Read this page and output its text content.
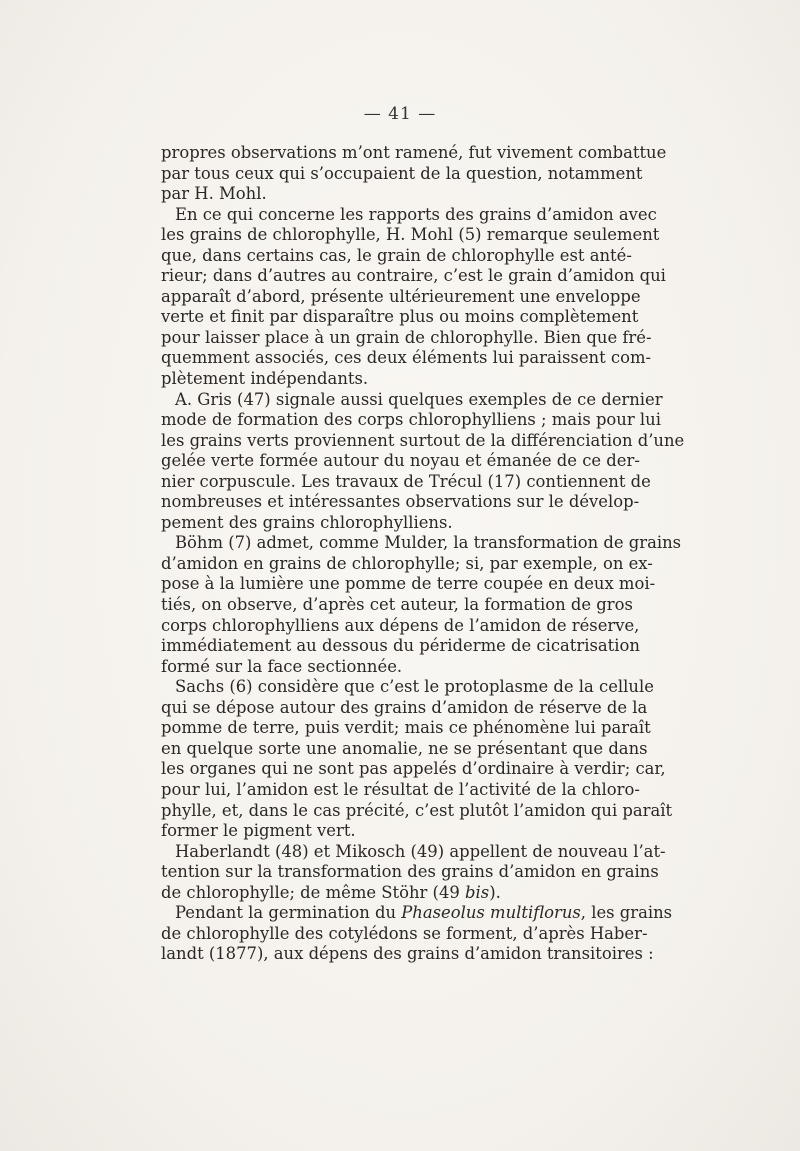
— 41 —
propres observations m’ont ramené, fut vivement combattue
par tous ceux qui s’occupaient de la question, notamment
par H. Mohl.
En ce qui concerne les rapports des grains d’amidon avec
les grains de chlorophylle, H. Mohl (5) remarque seulement
que, dans certains cas, le grain de chlorophylle est anté-
rieur; dans d’autres au contraire, c’est le grain d’amidon qui
apparaît d’abord, présente ultérieurement une enveloppe
verte et finit par disparaître plus ou moins complètement
pour laisser place à un grain de chlorophylle. Bien que fré-
quemment associés, ces deux éléments lui paraissent com-
plètement indépendants.
A. Gris (47) signale aussi quelques exemples de ce dernier
mode de formation des corps chlorophylliens ; mais pour lui
les grains verts proviennent surtout de la différenciation d’une
gelée verte formée autour du noyau et émanée de ce der-
nier corpuscule. Les travaux de Trécul (17) contiennent de
nombreuses et intéressantes observations sur le dévelop-
pement des grains chlorophylliens.
Böhm (7) admet, comme Mulder, la transformation de grains
d’amidon en grains de chlorophylle; si, par exemple, on ex-
pose à la lumière une pomme de terre coupée en deux moi-
tiés, on observe, d’après cet auteur, la formation de gros
corps chlorophylliens aux dépens de l’amidon de réserve,
immédiatement au dessous du périderme de cicatrisation
formé sur la face sectionnée.
Sachs (6) considère que c’est le protoplasme de la cellule
qui se dépose autour des grains d’amidon de réserve de la
pomme de terre, puis verdit; mais ce phénomène lui paraît
en quelque sorte une anomalie, ne se présentant que dans
les organes qui ne sont pas appelés d’ordinaire à verdir; car,
pour lui, l’amidon est le résultat de l’activité de la chloro-
phylle, et, dans le cas précité, c’est plutôt l’amidon qui paraît
former le pigment vert.
Haberlandt (48) et Mikosch (49) appellent de nouveau l’at-
tention sur la transformation des grains d’amidon en grains
de chlorophylle; de même Stöhr (49 bis).
Pendant la germination du Phaseolus multiflorus, les grains
de chlorophylle des cotylédons se forment, d’après Haber-
landt (1877), aux dépens des grains d’amidon transitoires :
